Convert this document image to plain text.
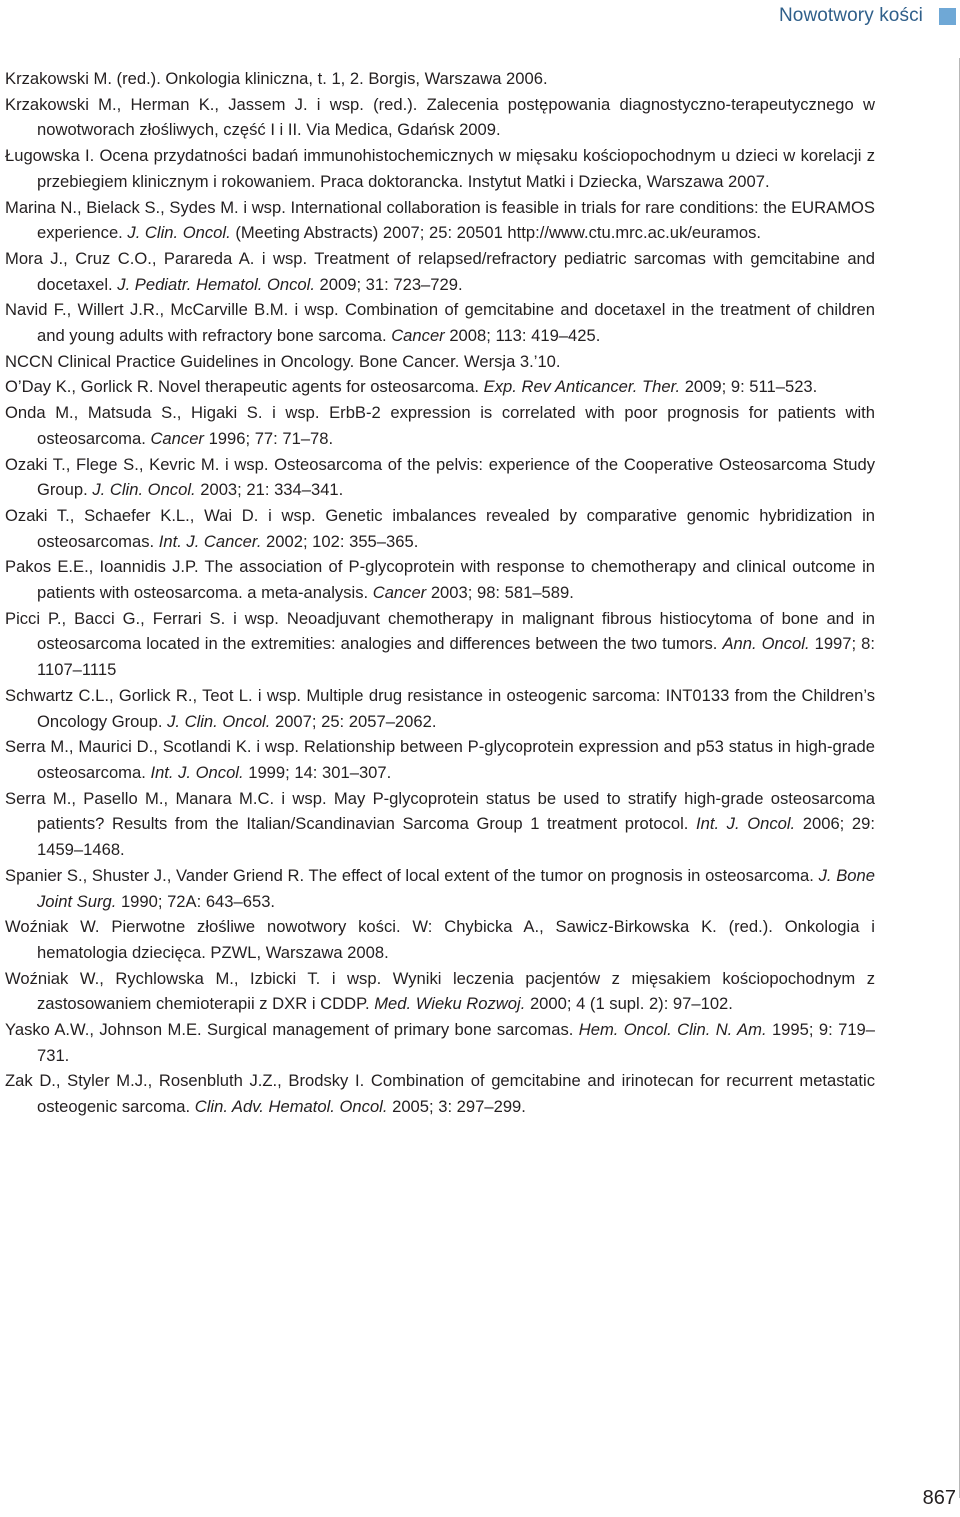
Nowotwory kości
Krzakowski M. (red.). Onkologia kliniczna, t. 1, 2. Borgis, Warszawa 2006.
Krzakowski M., Herman K., Jassem J. i wsp. (red.). Zalecenia postępowania diagnostyczno-terapeutycznego w nowotworach złośliwych, część I i II. Via Medica, Gdańsk 2009.
Ługowska I. Ocena przydatności badań immunohistochemicznych w mięsaku kościopochodnym u dzieci w korelacji z przebiegiem klinicznym i rokowaniem. Praca doktorancka. Instytut Matki i Dziecka, Warszawa 2007.
Marina N., Bielack S., Sydes M. i wsp. International collaboration is feasible in trials for rare conditions: the EURAMOS experience. J. Clin. Oncol. (Meeting Abstracts) 2007; 25: 20501 http://www.ctu.mrc.ac.uk/euramos.
Mora J., Cruz C.O., Parareda A. i wsp. Treatment of relapsed/refractory pediatric sarcomas with gemcitabine and docetaxel. J. Pediatr. Hematol. Oncol. 2009; 31: 723–729.
Navid F., Willert J.R., McCarville B.M. i wsp. Combination of gemcitabine and docetaxel in the treatment of children and young adults with refractory bone sarcoma. Cancer 2008; 113: 419–425.
NCCN Clinical Practice Guidelines in Oncology. Bone Cancer. Wersja 3.’10.
O’Day K., Gorlick R. Novel therapeutic agents for osteosarcoma. Exp. Rev Anticancer. Ther. 2009; 9: 511–523.
Onda M., Matsuda S., Higaki S. i wsp. ErbB-2 expression is correlated with poor prognosis for patients with osteosarcoma. Cancer 1996; 77: 71–78.
Ozaki T., Flege S., Kevric M. i wsp. Osteosarcoma of the pelvis: experience of the Cooperative Osteosarcoma Study Group. J. Clin. Oncol. 2003; 21: 334–341.
Ozaki T., Schaefer K.L., Wai D. i wsp. Genetic imbalances revealed by comparative genomic hybridization in osteosarcomas. Int. J. Cancer. 2002; 102: 355–365.
Pakos E.E., Ioannidis J.P. The association of P-glycoprotein with response to chemotherapy and clinical outcome in patients with osteosarcoma. a meta-analysis. Cancer 2003; 98: 581–589.
Picci P., Bacci G., Ferrari S. i wsp. Neoadjuvant chemotherapy in malignant fibrous histiocytoma of bone and in osteosarcoma located in the extremities: analogies and differences between the two tumors. Ann. Oncol. 1997; 8: 1107–1115
Schwartz C.L., Gorlick R., Teot L. i wsp. Multiple drug resistance in osteogenic sarcoma: INT0133 from the Children’s Oncology Group. J. Clin. Oncol. 2007; 25: 2057–2062.
Serra M., Maurici D., Scotlandi K. i wsp. Relationship between P-glycoprotein expression and p53 status in high-grade osteosarcoma. Int. J. Oncol. 1999; 14: 301–307.
Serra M., Pasello M., Manara M.C. i wsp. May P-glycoprotein status be used to stratify high-grade osteosarcoma patients? Results from the Italian/Scandinavian Sarcoma Group 1 treatment protocol. Int. J. Oncol. 2006; 29: 1459–1468.
Spanier S., Shuster J., Vander Griend R. The effect of local extent of the tumor on prognosis in osteosarcoma. J. Bone Joint Surg. 1990; 72A: 643–653.
Woźniak W. Pierwotne złośliwe nowotwory kości. W: Chybicka A., Sawicz-Birkowska K. (red.). Onkologia i hematologia dziecięca. PZWL, Warszawa 2008.
Woźniak W., Rychlowska M., Izbicki T. i wsp. Wyniki leczenia pacjentów z mięsakiem kościopochodnym z zastosowaniem chemioterapii z DXR i CDDP. Med. Wieku Rozwoj. 2000; 4 (1 supl. 2): 97–102.
Yasko A.W., Johnson M.E. Surgical management of primary bone sarcomas. Hem. Oncol. Clin. N. Am. 1995; 9: 719–731.
Zak D., Styler M.J., Rosenbluth J.Z., Brodsky I. Combination of gemcitabine and irinotecan for recurrent metastatic osteogenic sarcoma. Clin. Adv. Hematol. Oncol. 2005; 3: 297–299.
867
